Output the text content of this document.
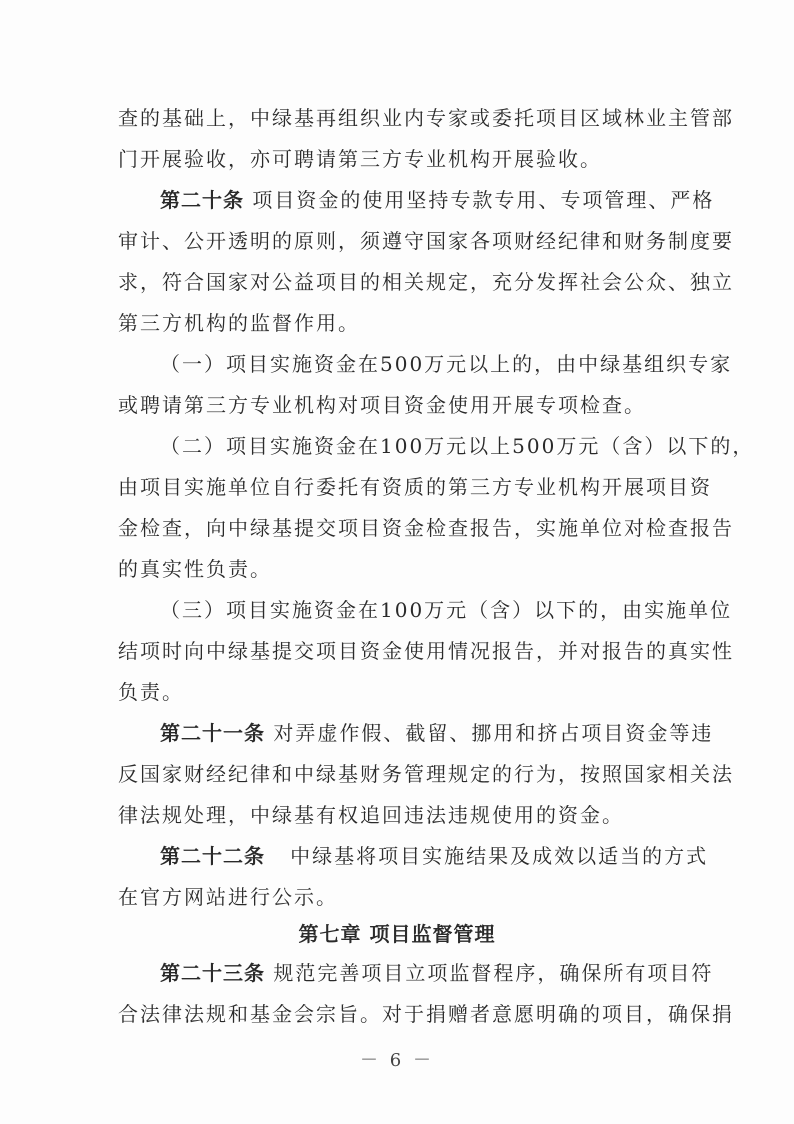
查的基础上，中绿基再组织业内专家或委托项目区域林业主管部
门开展验收，亦可聘请第三方专业机构开展验收。
第二十条 项目资金的使用坚持专款专用、专项管理、严格
审计、公开透明的原则，须遵守国家各项财经纪律和财务制度要
求，符合国家对公益项目的相关规定，充分发挥社会公众、独立
第三方机构的监督作用。
（一）项目实施资金在500万元以上的，由中绿基组织专家
或聘请第三方专业机构对项目资金使用开展专项检查。
（二）项目实施资金在100万元以上500万元（含）以下的，
由项目实施单位自行委托有资质的第三方专业机构开展项目资
金检查，向中绿基提交项目资金检查报告，实施单位对检查报告
的真实性负责。
（三）项目实施资金在100万元（含）以下的，由实施单位
结项时向中绿基提交项目资金使用情况报告，并对报告的真实性
负责。
第二十一条 对弄虚作假、截留、挪用和挤占项目资金等违
反国家财经纪律和中绿基财务管理规定的行为，按照国家相关法
律法规处理，中绿基有权追回违法违规使用的资金。
第二十二条 中绿基将项目实施结果及成效以适当的方式
在官方网站进行公示。
第七章 项目监督管理
第二十三条 规范完善项目立项监督程序，确保所有项目符
合法律法规和基金会宗旨。对于捐赠者意愿明确的项目，确保捐
－ 6 －
